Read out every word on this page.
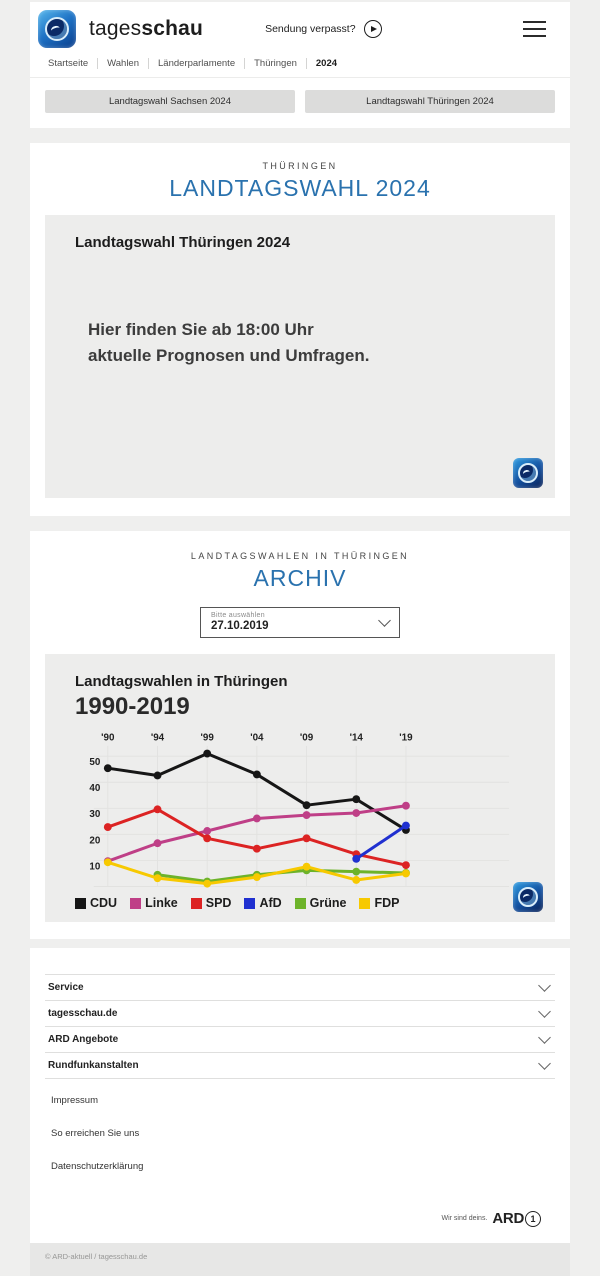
tagesschau	Sendung verpasst?
Startseite	Wahlen	Länderparlamente	Thüringen	2024
Landtagswahl Sachsen 2024	Landtagswahl Thüringen 2024
THÜRINGEN
LANDTAGSWAHL 2024
Landtagswahl Thüringen 2024
Hier finden Sie ab 18:00 Uhr
aktuelle Prognosen und Umfragen.
LANDTAGSWAHLEN IN THÜRINGEN
ARCHIV
Bitte auswählen
27.10.2019
Landtagswahlen in Thüringen
1990-2019
'90	'94	'99	'04	'09	'14	'19
10
20
30
40
50
CDU Linke SPD AfD Grüne FDP
Service
tagesschau.de
ARD Angebote
Rundfunkanstalten
Impressum
So erreichen Sie uns
Datenschutzerklärung
Wir sind deins. ARD 1
© ARD-aktuell / tagesschau.de
